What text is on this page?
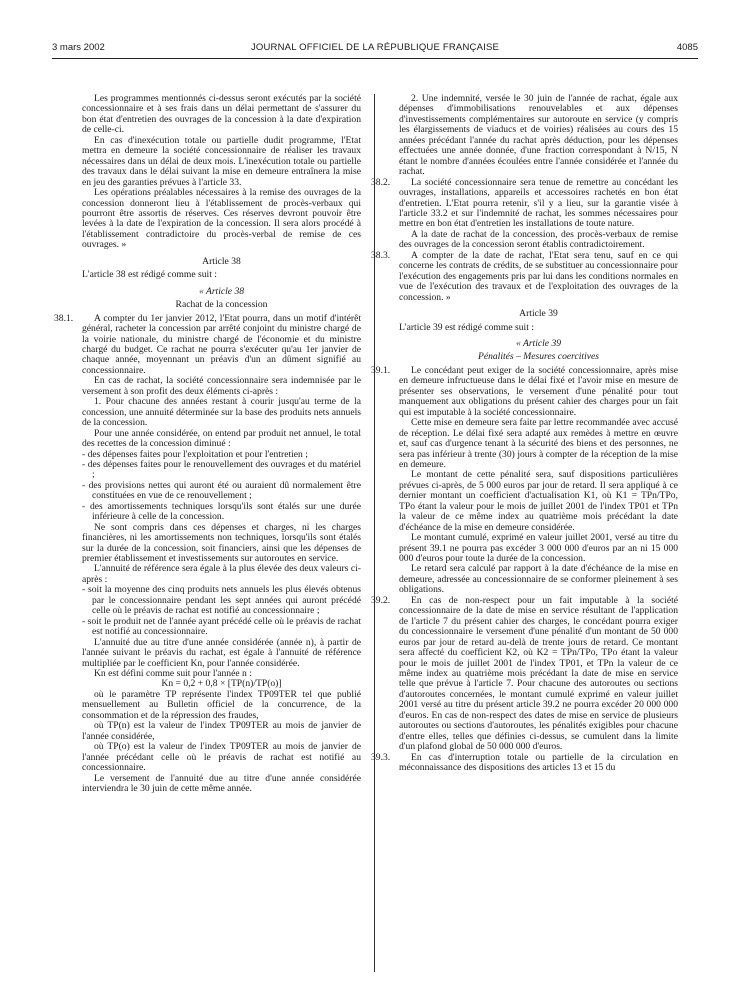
3 mars 2002	JOURNAL OFFICIEL DE LA RÉPUBLIQUE FRANÇAISE	4085

Les programmes mentionnés ci-dessus seront exécutés par la société concessionnaire et à ses frais dans un délai permettant de s'assurer du bon état d'entretien des ouvrages de la concession à la date d'expiration de celle-ci.

En cas d'inexécution totale ou partielle dudit programme, l'Etat mettra en demeure la société concessionnaire de réaliser les travaux nécessaires dans un délai de deux mois. L'inexécution totale ou partielle des travaux dans le délai suivant la mise en demeure entraînera la mise en jeu des garanties prévues à l'article 33.

Les opérations préalables nécessaires à la remise des ouvrages de la concession donneront lieu à l'établissement de procès-verbaux qui pourront être assortis de réserves. Ces réserves devront pouvoir être levées à la date de l'expiration de la concession. Il sera alors procédé à l'établissement contradictoire du procès-verbal de remise de ces ouvrages. »

Article 38

L'article 38 est rédigé comme suit :

« Article 38
Rachat de la concession
38.1.	A compter du 1er janvier 2012, l'Etat pourra, dans un motif d'intérêt général, racheter la concession par arrêté conjoint du ministre chargé de la voirie nationale, du ministre chargé de l'économie et du ministre chargé du budget. Ce rachat ne pourra s'exécuter qu'au 1er janvier de chaque année, moyennant un préavis d'un an dûment signifié au concessionnaire.

En cas de rachat, la société concessionnaire sera indemnisée par le versement à son profit des deux éléments ci-après :

1. Pour chacune des années restant à courir jusqu'au terme de la concession, une annuité déterminée sur la base des produits nets annuels de la concession.

Pour une année considérée, on entend par produit net annuel, le total des recettes de la concession diminué :

- des dépenses faites pour l'exploitation et pour l'entretien ;

- des dépenses faites pour le renouvellement des ouvrages et du matériel ;

- des provisions nettes qui auront été ou auraient dû normalement être constituées en vue de ce renouvellement ;

- des amortissements techniques lorsqu'ils sont étalés sur une durée inférieure à celle de la concession.

Ne sont compris dans ces dépenses et charges, ni les charges financières, ni les amortissements non techniques, lorsqu'ils sont étalés sur la durée de la concession, soit financiers, ainsi que les dépenses de premier établissement et investissements sur autoroutes en service.

L'annuité de référence sera égale à la plus élevée des deux valeurs ci-après :

- soit la moyenne des cinq produits nets annuels les plus élevés obtenus par le concessionnaire pendant les sept années qui auront précédé celle où le préavis de rachat est notifié au concessionnaire ;

- soit le produit net de l'année ayant précédé celle où le préavis de rachat est notifié au concessionnaire.

L'annuité due au titre d'une année considérée (année n), à partir de l'année suivant le préavis du rachat, est égale à l'annuité de référence multipliée par le coefficient Kn, pour l'année considérée.

Kn est défini comme suit pour l'année n :

Kn = 0,2 + 0,8 × [TP(n)/TP(o)]

où le paramètre TP représente l'index TP09TER tel que publié mensuellement au Bulletin officiel de la concurrence, de la consommation et de la répression des fraudes,

où TP(n) est la valeur de l'index TP09TER au mois de janvier de l'année considérée,

où TP(o) est la valeur de l'index TP09TER au mois de janvier de l'année précédant celle où le préavis de rachat est notifié au concessionnaire.

Le versement de l'annuité due au titre d'une année considérée interviendra le 30 juin de cette même année.

2. Une indemnité, versée le 30 juin de l'année de rachat, égale aux dépenses d'immobilisations renouvelables et aux dépenses d'investissements complémentaires sur autoroute en service (y compris les élargissements de viaducs et de voiries) réalisées au cours des 15 années précédant l'année du rachat après déduction, pour les dépenses effectuées une année donnée, d'une fraction correspondant à N/15, N étant le nombre d'années écoulées entre l'année considérée et l'année du rachat.

38.2.	La société concessionnaire sera tenue de remettre au concédant les ouvrages, installations, appareils et accessoires rachetés en bon état d'entretien. L'Etat pourra retenir, s'il y a lieu, sur la garantie visée à l'article 33.2 et sur l'indemnité de rachat, les sommes nécessaires pour mettre en bon état d'entretien les installations de toute nature.

A la date de rachat de la concession, des procès-verbaux de remise des ouvrages de la concession seront établis contradictoirement.

38.3.	A compter de la date de rachat, l'Etat sera tenu, sauf en ce qui concerne les contrats de crédits, de se substituer au concessionnaire pour l'exécution des engagements pris par lui dans les conditions normales en vue de l'exécution des travaux et de l'exploitation des ouvrages de la concession. »

Article 39

L'article 39 est rédigé comme suit :

« Article 39
Pénalités – Mesures coercitives
39.1.	Le concédant peut exiger de la société concessionnaire, après mise en demeure infructueuse dans le délai fixé et l'avoir mise en mesure de présenter ses observations, le versement d'une pénalité pour tout manquement aux obligations du présent cahier des charges pour un fait qui est imputable à la société concessionnaire.

Cette mise en demeure sera faite par lettre recommandée avec accusé de réception. Le délai fixé sera adapté aux remèdes à mettre en œuvre et, sauf cas d'urgence tenant à la sécurité des biens et des personnes, ne sera pas inférieur à trente (30) jours à compter de la réception de la mise en demeure.

Le montant de cette pénalité sera, sauf dispositions particulières prévues ci-après, de 5 000 euros par jour de retard. Il sera appliqué à ce dernier montant un coefficient d'actualisation K1, où K1 = TPn/TPo, TPo étant la valeur pour le mois de juillet 2001 de l'index TP01 et TPn la valeur de ce même index au quatrième mois précédant la date d'échéance de la mise en demeure considérée.

Le montant cumulé, exprimé en valeur juillet 2001, versé au titre du présent 39.1 ne pourra pas excéder 3 000 000 d'euros par an ni 15 000 000 d'euros pour toute la durée de la concession.

Le retard sera calculé par rapport à la date d'échéance de la mise en demeure, adressée au concessionnaire de se conformer pleinement à ses obligations.

39.2.	En cas de non-respect pour un fait imputable à la société concessionnaire de la date de mise en service résultant de l'application de l'article 7 du présent cahier des charges, le concédant pourra exiger du concessionnaire le versement d'une pénalité d'un montant de 50 000 euros par jour de retard au-delà de trente jours de retard. Ce montant sera affecté du coefficient K2, où K2 = TPn/TPo, TPo étant la valeur pour le mois de juillet 2001 de l'index TP01, et TPn la valeur de ce même index au quatrième mois précédant la date de mise en service telle que prévue à l'article 7. Pour chacune des autoroutes ou sections d'autoroutes concernées, le montant cumulé exprimé en valeur juillet 2001 versé au titre du présent article 39.2 ne pourra excéder 20 000 000 d'euros. En cas de non-respect des dates de mise en service de plusieurs autoroutes ou sections d'autoroutes, les pénalités exigibles pour chacune d'entre elles, telles que définies ci-dessus, se cumulent dans la limite d'un plafond global de 50 000 000 d'euros.

39.3.	En cas d'interruption totale ou partielle de la circulation en méconnaissance des dispositions des articles 13 et 15 du
